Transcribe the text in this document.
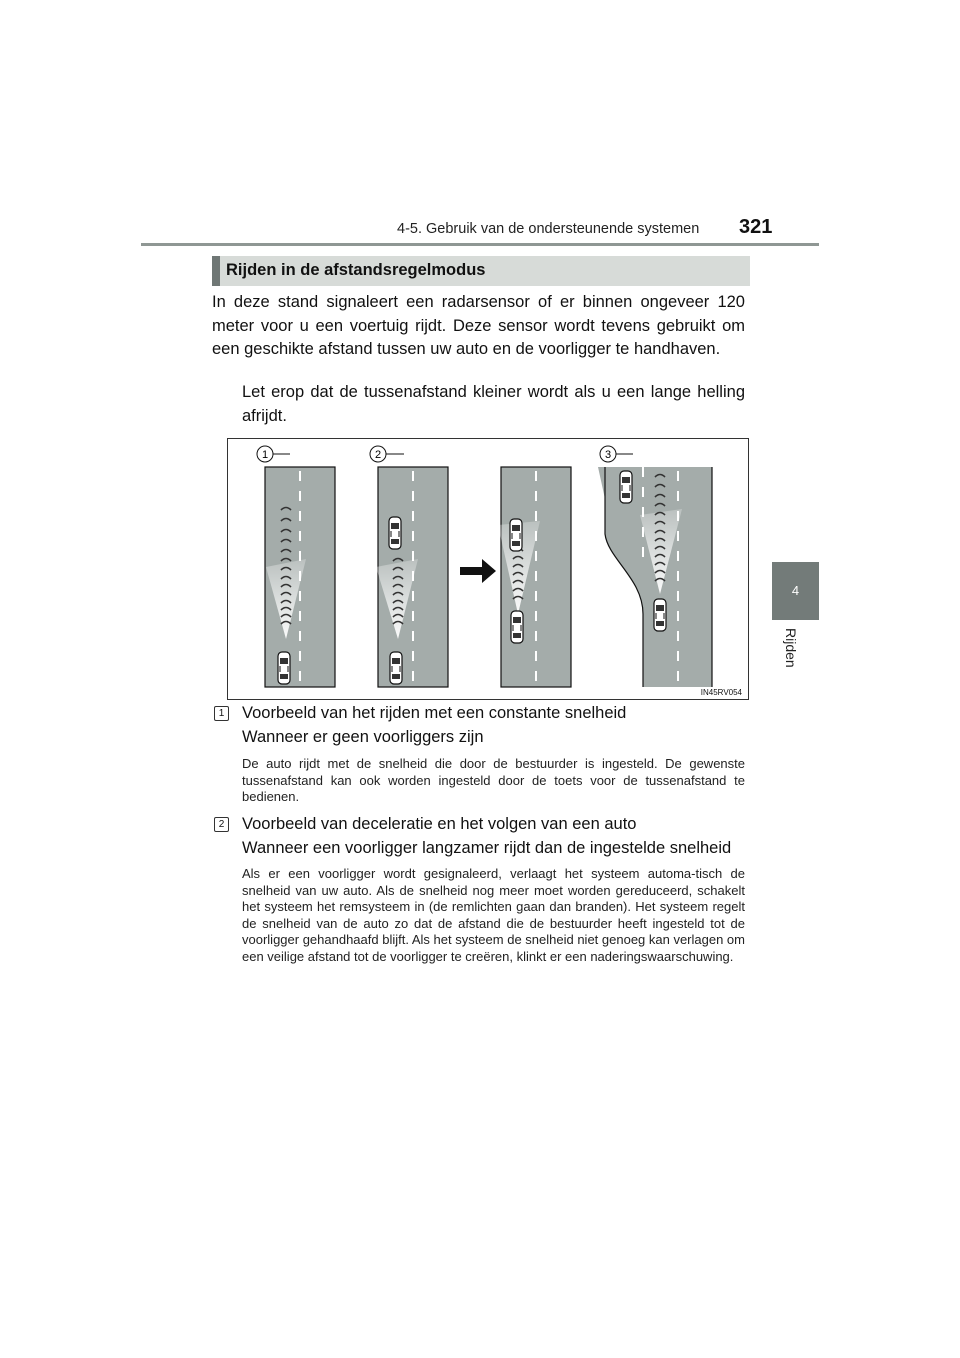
4-5. Gebruik van de ondersteunende systemen 321
4
Rijden
Rijden in de afstandsregelmodus
In deze stand signaleert een radarsensor of er binnen ongeveer 120 meter voor u een voertuig rijdt. Deze sensor wordt tevens gebruikt om een geschikte afstand tussen uw auto en de voorligger te handhaven.
Let erop dat de tussenafstand kleiner wordt als u een lange helling afrijdt.
1	2	3
IN45RV054
1 Voorbeeld van het rijden met een constante snelheid
Wanneer er geen voorliggers zijn
De auto rijdt met de snelheid die door de bestuurder is ingesteld. De gewenste tussenafstand kan ook worden ingesteld door de toets voor de tussenafstand te bedienen.
2 Voorbeeld van deceleratie en het volgen van een auto
Wanneer een voorligger langzamer rijdt dan de ingestelde snelheid
Als er een voorligger wordt gesignaleerd, verlaagt het systeem automa-tisch de snelheid van uw auto. Als de snelheid nog meer moet worden gereduceerd, schakelt het systeem het remsysteem in (de remlichten gaan dan branden). Het systeem regelt de snelheid van de auto zo dat de afstand die de bestuurder heeft ingesteld tot de voorligger gehandhaafd blijft. Als het systeem de snelheid niet genoeg kan verlagen om een veilige afstand tot de voorligger te creëren, klinkt er een naderingswaarschuwing.
